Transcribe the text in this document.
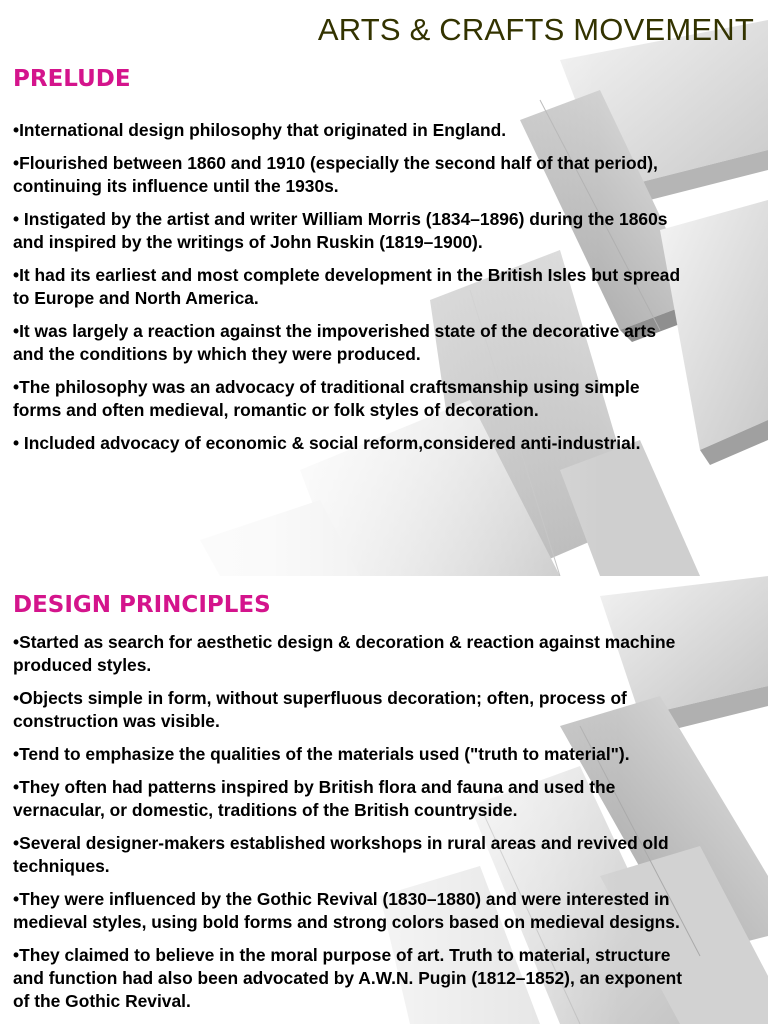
ARTS & CRAFTS MOVEMENT
PRELUDE
•International design philosophy that originated in England.
•Flourished between 1860 and 1910 (especially the second half of that period),
continuing its influence until the 1930s.
• Instigated by the artist and writer William Morris (1834–1896) during the 1860s
and inspired by the writings of John Ruskin (1819–1900).
•It had its earliest and most complete development in the British Isles but spread
to Europe and North America.
•It was largely a reaction against the impoverished state of the decorative arts
and the conditions by which they were produced.
•The philosophy was an advocacy of traditional craftsmanship using simple
forms and often medieval, romantic or folk styles of decoration.
• Included advocacy of economic & social reform,considered anti-industrial.
DESIGN PRINCIPLES
•Started as search for aesthetic design & decoration & reaction against machine
produced styles.
•Objects simple in form, without superfluous decoration; often, process of
construction was visible.
•Tend to emphasize the qualities of the materials used ("truth to material").
•They often had patterns inspired by British flora and fauna and used the
vernacular, or domestic, traditions of the British countryside.
•Several designer-makers established workshops in rural areas and revived old
techniques.
•They were influenced by the Gothic Revival (1830–1880) and were interested in
medieval styles, using bold forms and strong colors based on medieval designs.
•They claimed to believe in the moral purpose of art. Truth to material, structure
and function had also been advocated by A.W.N. Pugin (1812–1852), an exponent
of the Gothic Revival.
